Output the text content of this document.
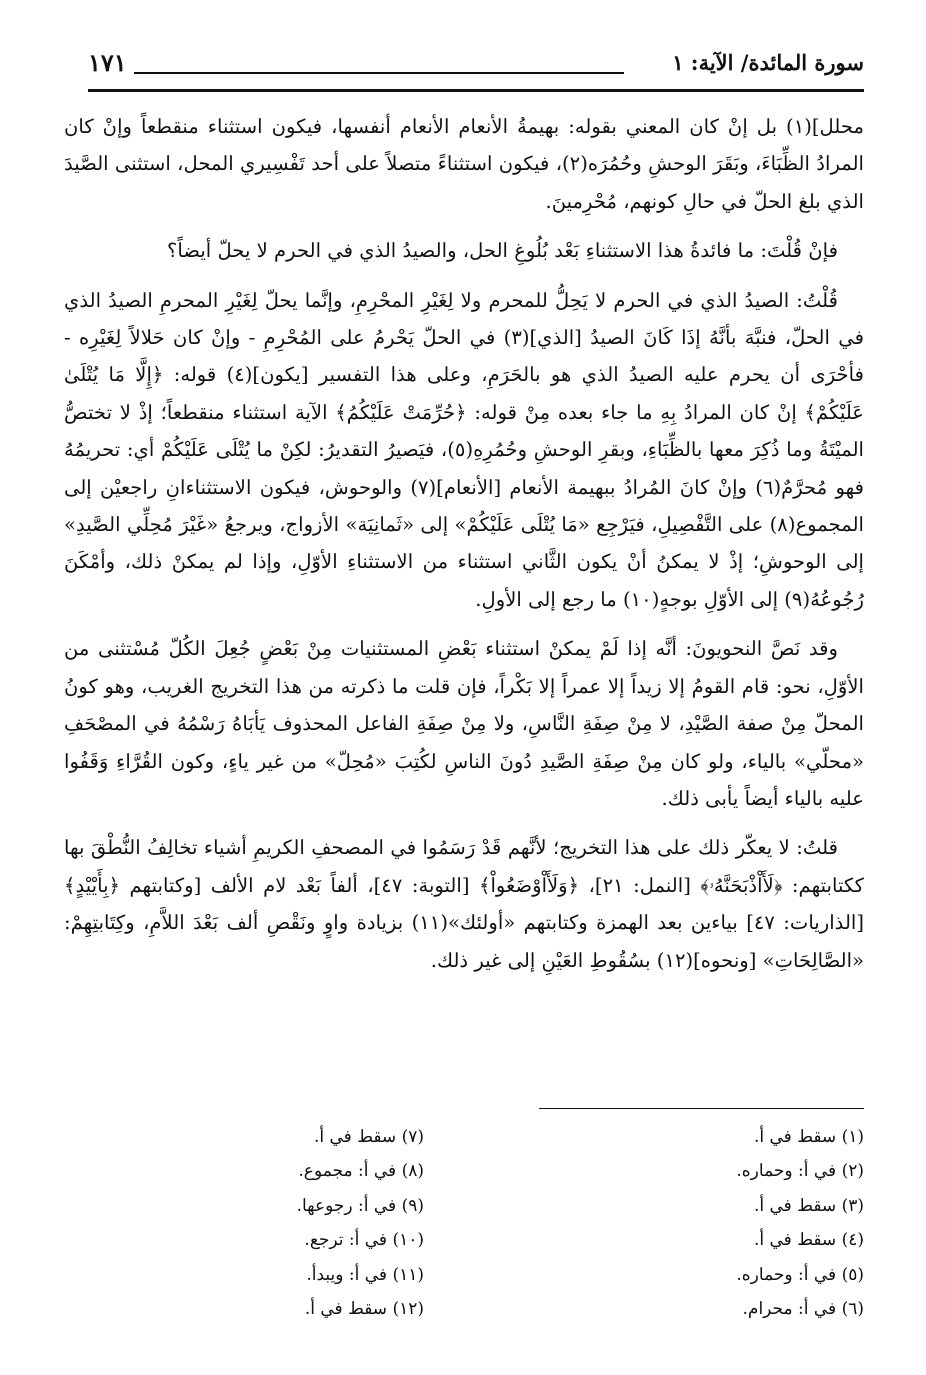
سورة المائدة/ الآية: ١
١٧١

محلل](١) بل إنْ كان المعني بقوله: بهيمةُ الأنعام الأنعام أنفسها، فيكون استثناء منقطعاً وإنْ كان المرادُ الظِّبَاءَ، وبَقَرَ الوحشِ وحُمُرَه(٢)، فيكون استثناءً متصلاً على أحد تَفْسِيري المحل، استثنى الصَّيدَ الذي بلغ الحلّ في حالِ كونهم، مُحْرِمينَ.

فإنْ قُلْتَ: ما فائدةُ هذا الاستثناءِ بَعْد بُلُوغِ الحل، والصيدُ الذي في الحرم لا يحلّ أيضاً؟

قُلْتُ: الصيدُ الذي في الحرم لا يَحِلُّ للمحرم ولا لِغَيْرِ المحْرِمِ، وإنَّما يحلّ لِغَيْرِ المحرمِ الصيدُ الذي في الحلّ، فنبَّهَ بأنَّهُ إذَا كَانَ الصيدُ [الذي](٣) في الحلّ يَحْرمُ على المُحْرِمِ - وإنْ كان حَلالاً لِغَيْرِه - فأحْرَى أن يحرم عليه الصيدُ الذي هو بالحَرَمِ، وعلى هذا التفسير [يكون](٤) قوله: ﴿إِلَّا مَا يُتْلَىٰ عَلَيْكُمْ﴾ إنْ كان المرادُ بِهِ ما جاء بعده مِنْ قوله: ﴿حُرِّمَتْ عَلَيْكُمُ﴾ الآية استثناء منقطعاً؛ إذْ لا تختصُّ الميْتَةُ وما ذُكِرَ معها بالظِّبَاءِ، وبقرِ الوحشِ وحُمُرِهِ(٥)، فيَصيرُ التقديرُ: لكِنْ ما يُتْلَى عَلَيْكُمْ أي: تحريمُهُ فهو مُحرَّمٌ(٦) وإنْ كانَ المُرادُ ببهيمة الأنعام [الأنعام](٧) والوحوش، فيكون الاستثناءانِ راجعيْن إلى المجموع(٨) على التَّفْصِيلِ، فيَرْجِع «مَا يُتْلَى عَلَيْكُمْ» إلى «ثَمانِيَة» الأزواج، ويرجعُ «غَيْرَ مُحِلِّي الصَّيدِ» إلى الوحوشِ؛ إذْ لا يمكنُ أنْ يكون الثَّاني استثناء من الاستثناءِ الأوّلِ، وإذا لم يمكنْ ذلك، وأمْكَنَ رُجُوعُهُ(٩) إلى الأوّلِ بوجهٍ(١٠) ما رجع إلى الأولِ.

وقد نَصَّ النحويونَ: أنَّه إذا لَمْ يمكنْ استثناء بَعْضِ المستثنيات مِنْ بَعْضٍ جُعِلَ الكُلّ مُسْتثنى من الأوّلِ، نحو: قام القومُ إلا زيداً إلا عمراً إلا بَكْراً، فإن قلت ما ذكرته من هذا التخريج الغريب، وهو كونُ المحلّ مِنْ صفة الصَّيْدِ، لا مِنْ صِفَةِ النَّاسِ، ولا مِنْ صِفَةِ الفاعل المحذوف يَأبَاهُ رَسْمُهُ في المصْحَفِ «محلّي» بالياء، ولو كان مِنْ صِفَةِ الصَّيدِ دُونَ الناسِ لكُتِبَ «مُحِلّ» من غير ياءٍ، وكون القُرَّاءِ وَقَفُوا عليه بالياء أيضاً يأبى ذلك.

قلتُ: لا يعكّر ذلك على هذا التخريج؛ لأنَّهم قَدْ رَسَمُوا في المصحفِ الكريمِ أشياء تخالِفُ النُّطْقَ بها ككتابتهم: ﴿لَأَاْذْبَحَنَّهُۥ﴾ [النمل: ٢١]، ﴿وَلَأَاْوْضَعُواْ﴾ [التوبة: ٤٧]، ألفاً بَعْد لام الألف [وكتابتهم ﴿بِأَيْيْدٍ﴾ [الذاريات: ٤٧] بياءين بعد الهمزة وكتابتهم «أولئك»(١١) بزيادة واوٍ ونَقْصِ ألف بَعْدَ اللاَّمِ، وكِتَابتِهِمْ: «الصَّالِحَاتِ» [ونحوه](١٢) بسُقُوطِ العَيْنِ إلى غير ذلك.

(١) سقط في أ.
(٢) في أ: وحماره.
(٣) سقط في أ.
(٤) سقط في أ.
(٥) في أ: وحماره.
(٦) في أ: محرام.
(٧) سقط في أ.
(٨) في أ: مجموع.
(٩) في أ: رجوعها.
(١٠) في أ: ترجع.
(١١) في أ: ويبدأ.
(١٢) سقط في أ.
